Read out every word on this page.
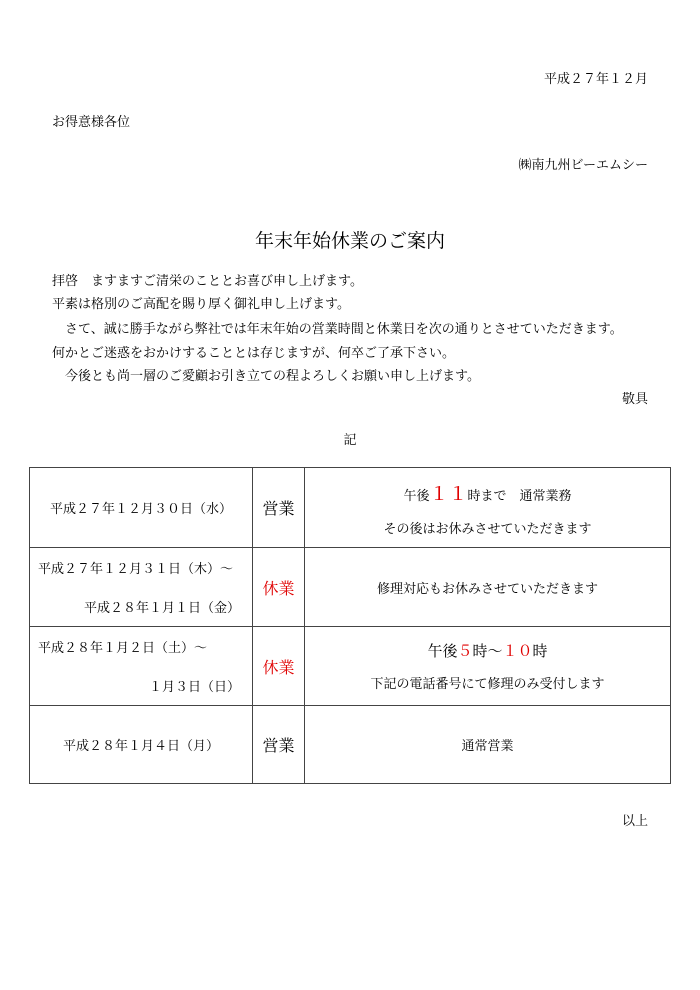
平成２７年１２月
お得意様各位
㈱南九州ビーエムシー
年末年始休業のご案内
拝啓　ますますご清栄のこととお喜び申し上げます。
平素は格別のご高配を賜り厚く御礼申し上げます。
　さて、誠に勝手ながら弊社では年末年始の営業時間と休業日を次の通りとさせていただきます。
何かとご迷惑をおかけすることとは存じますが、何卒ご了承下さい。
　今後とも尚一層のご愛顧お引き立ての程よろしくお願い申し上げます。
敬具
記
平成２７年１２月３０日（水）	営業	午後１１時まで　通常業務
その後はお休みさせていただきます

平成２７年１２月３１日（木）～
平成２８年１月１日（金）	休業	修理対応もお休みさせていただきます

平成２８年１月２日（土）～
１月３日（日）	休業	午後５時～１０時
下記の電話番号にて修理のみ受付します

平成２８年１月４日（月）	営業	通常営業
以上
